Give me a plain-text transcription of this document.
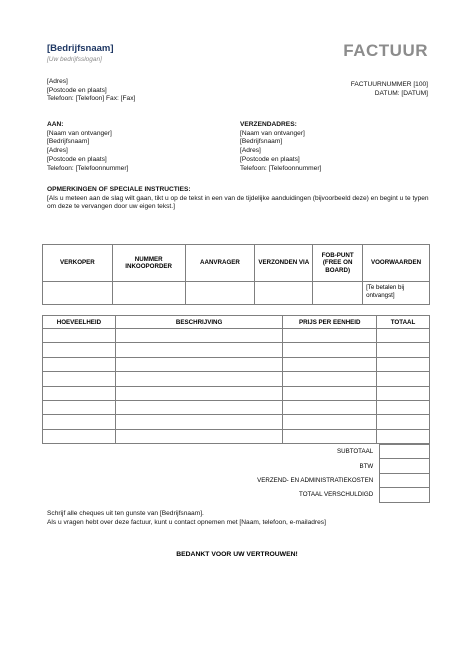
[Bedrijfsnaam]
[Uw bedrijfsslogan]	FACTUUR
[Adres]
[Postcode en plaats]
Telefoon: [Telefoon] Fax: [Fax]
FACTUURNUMMER [100]
DATUM: [DATUM]
AAN:
[Naam van ontvanger]
[Bedrijfsnaam]
[Adres]
[Postcode en plaats]
Telefoon: [Telefoonnummer]
VERZENDADRES:
[Naam van ontvanger]
[Bedrijfsnaam]
[Adres]
[Postcode en plaats]
Telefoon: [Telefoonnummer]
OPMERKINGEN OF SPECIALE INSTRUCTIES:
[Als u meteen aan de slag wilt gaan, tikt u op de tekst in een van de tijdelijke aanduidingen (bijvoorbeeld deze) en begint u te typen om deze te vervangen door uw eigen tekst.]
VERKOPER	NUMMER INKOOPORDER	AANVRAGER	VERZONDEN VIA	FOB-PUNT (FREE ON BOARD)	VOORWAARDEN
					[Te betalen bij ontvangst]
HOEVEELHEID	BESCHRIJVING	PRIJS PER EENHEID	TOTAAL

SUBTOTAAL	
BTW	
VERZEND- EN ADMINISTRATIEKOSTEN	
TOTAAL VERSCHULDIGD	
Schrijf alle cheques uit ten gunste van [Bedrijfsnaam].
Als u vragen hebt over deze factuur, kunt u contact opnemen met [Naam, telefoon, e-mailadres]
BEDANKT VOOR UW VERTROUWEN!
